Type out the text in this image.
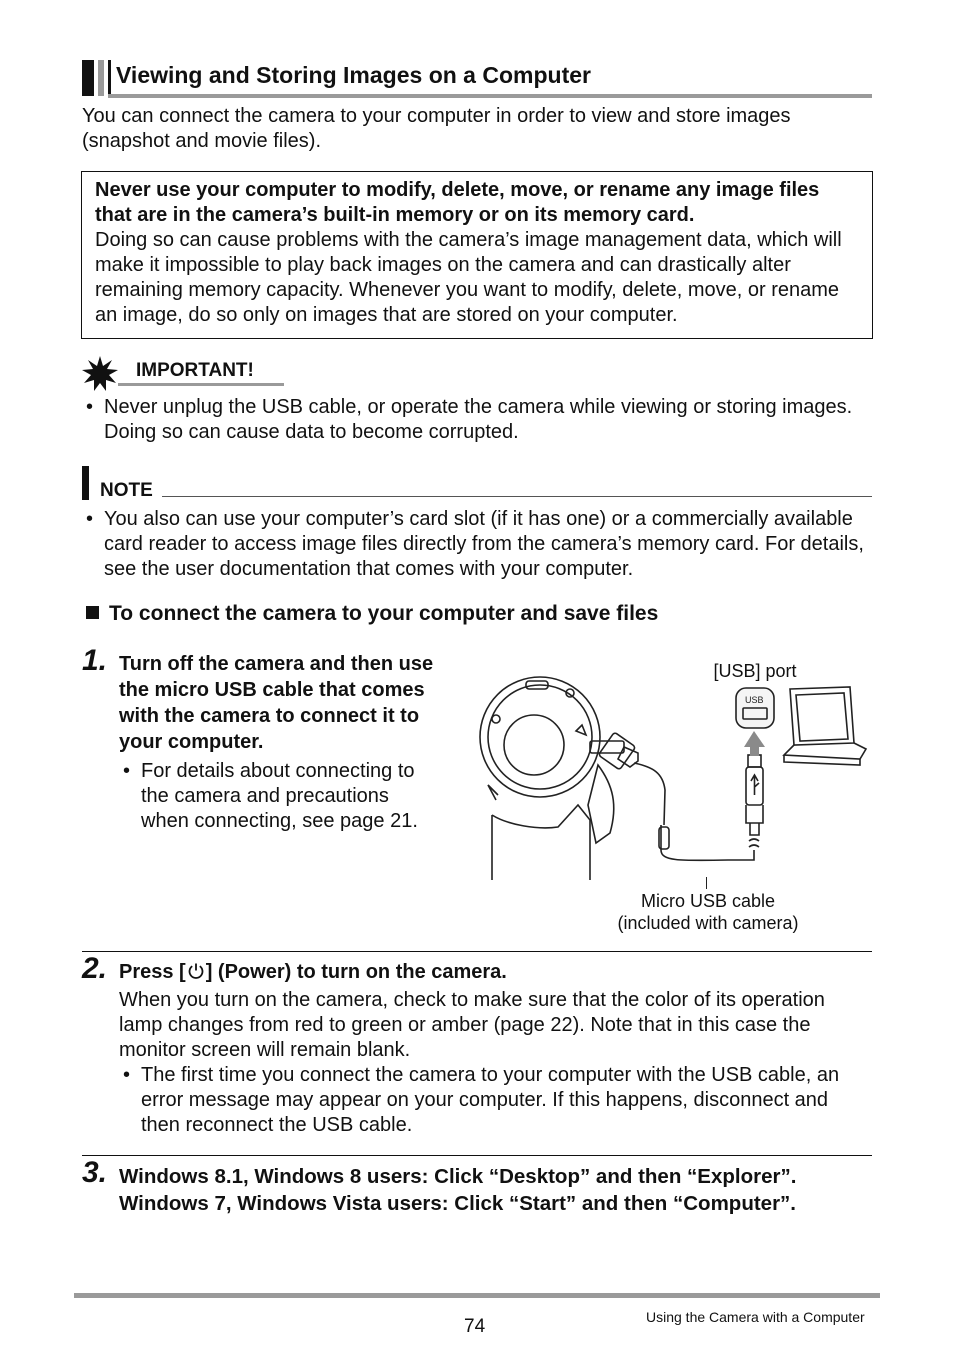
Viewing and Storing Images on a Computer

You can connect the camera to your computer in order to view and store images (snapshot and movie files).

Never use your computer to modify, delete, move, or rename any image files that are in the camera’s built-in memory or on its memory card.

Doing so can cause problems with the camera’s image management data, which will make it impossible to play back images on the camera and can drastically alter remaining memory capacity. Whenever you want to modify, delete, move, or rename an image, do so only on images that are stored on your computer.

IMPORTANT!
• Never unplug the USB cable, or operate the camera while viewing or storing images. Doing so can cause data to become corrupted.
NOTE
• You also can use your computer’s card slot (if it has one) or a commercially available card reader to access image files directly from the camera’s memory card. For details, see the user documentation that comes with your computer.
To connect the camera to your computer and save files
1. Turn off the camera and then use the micro USB cable that comes with the camera to connect it to your computer.
• For details about connecting to the camera and precautions when connecting, see page 21.
USB
[USB] port
Micro USB cable
(included with camera)
2. Press [ ] (Power) to turn on the camera.

When you turn on the camera, check to make sure that the color of its operation lamp changes from red to green or amber (page 22). Note that in this case the monitor screen will remain blank.

• The first time you connect the camera to your computer with the USB cable, an error message may appear on your computer. If this happens, disconnect and then reconnect the USB cable.
3. Windows 8.1, Windows 8 users: Click “Desktop” and then “Explorer”.
Windows 7, Windows Vista users: Click “Start” and then “Computer”.
74	Using the Camera with a Computer
